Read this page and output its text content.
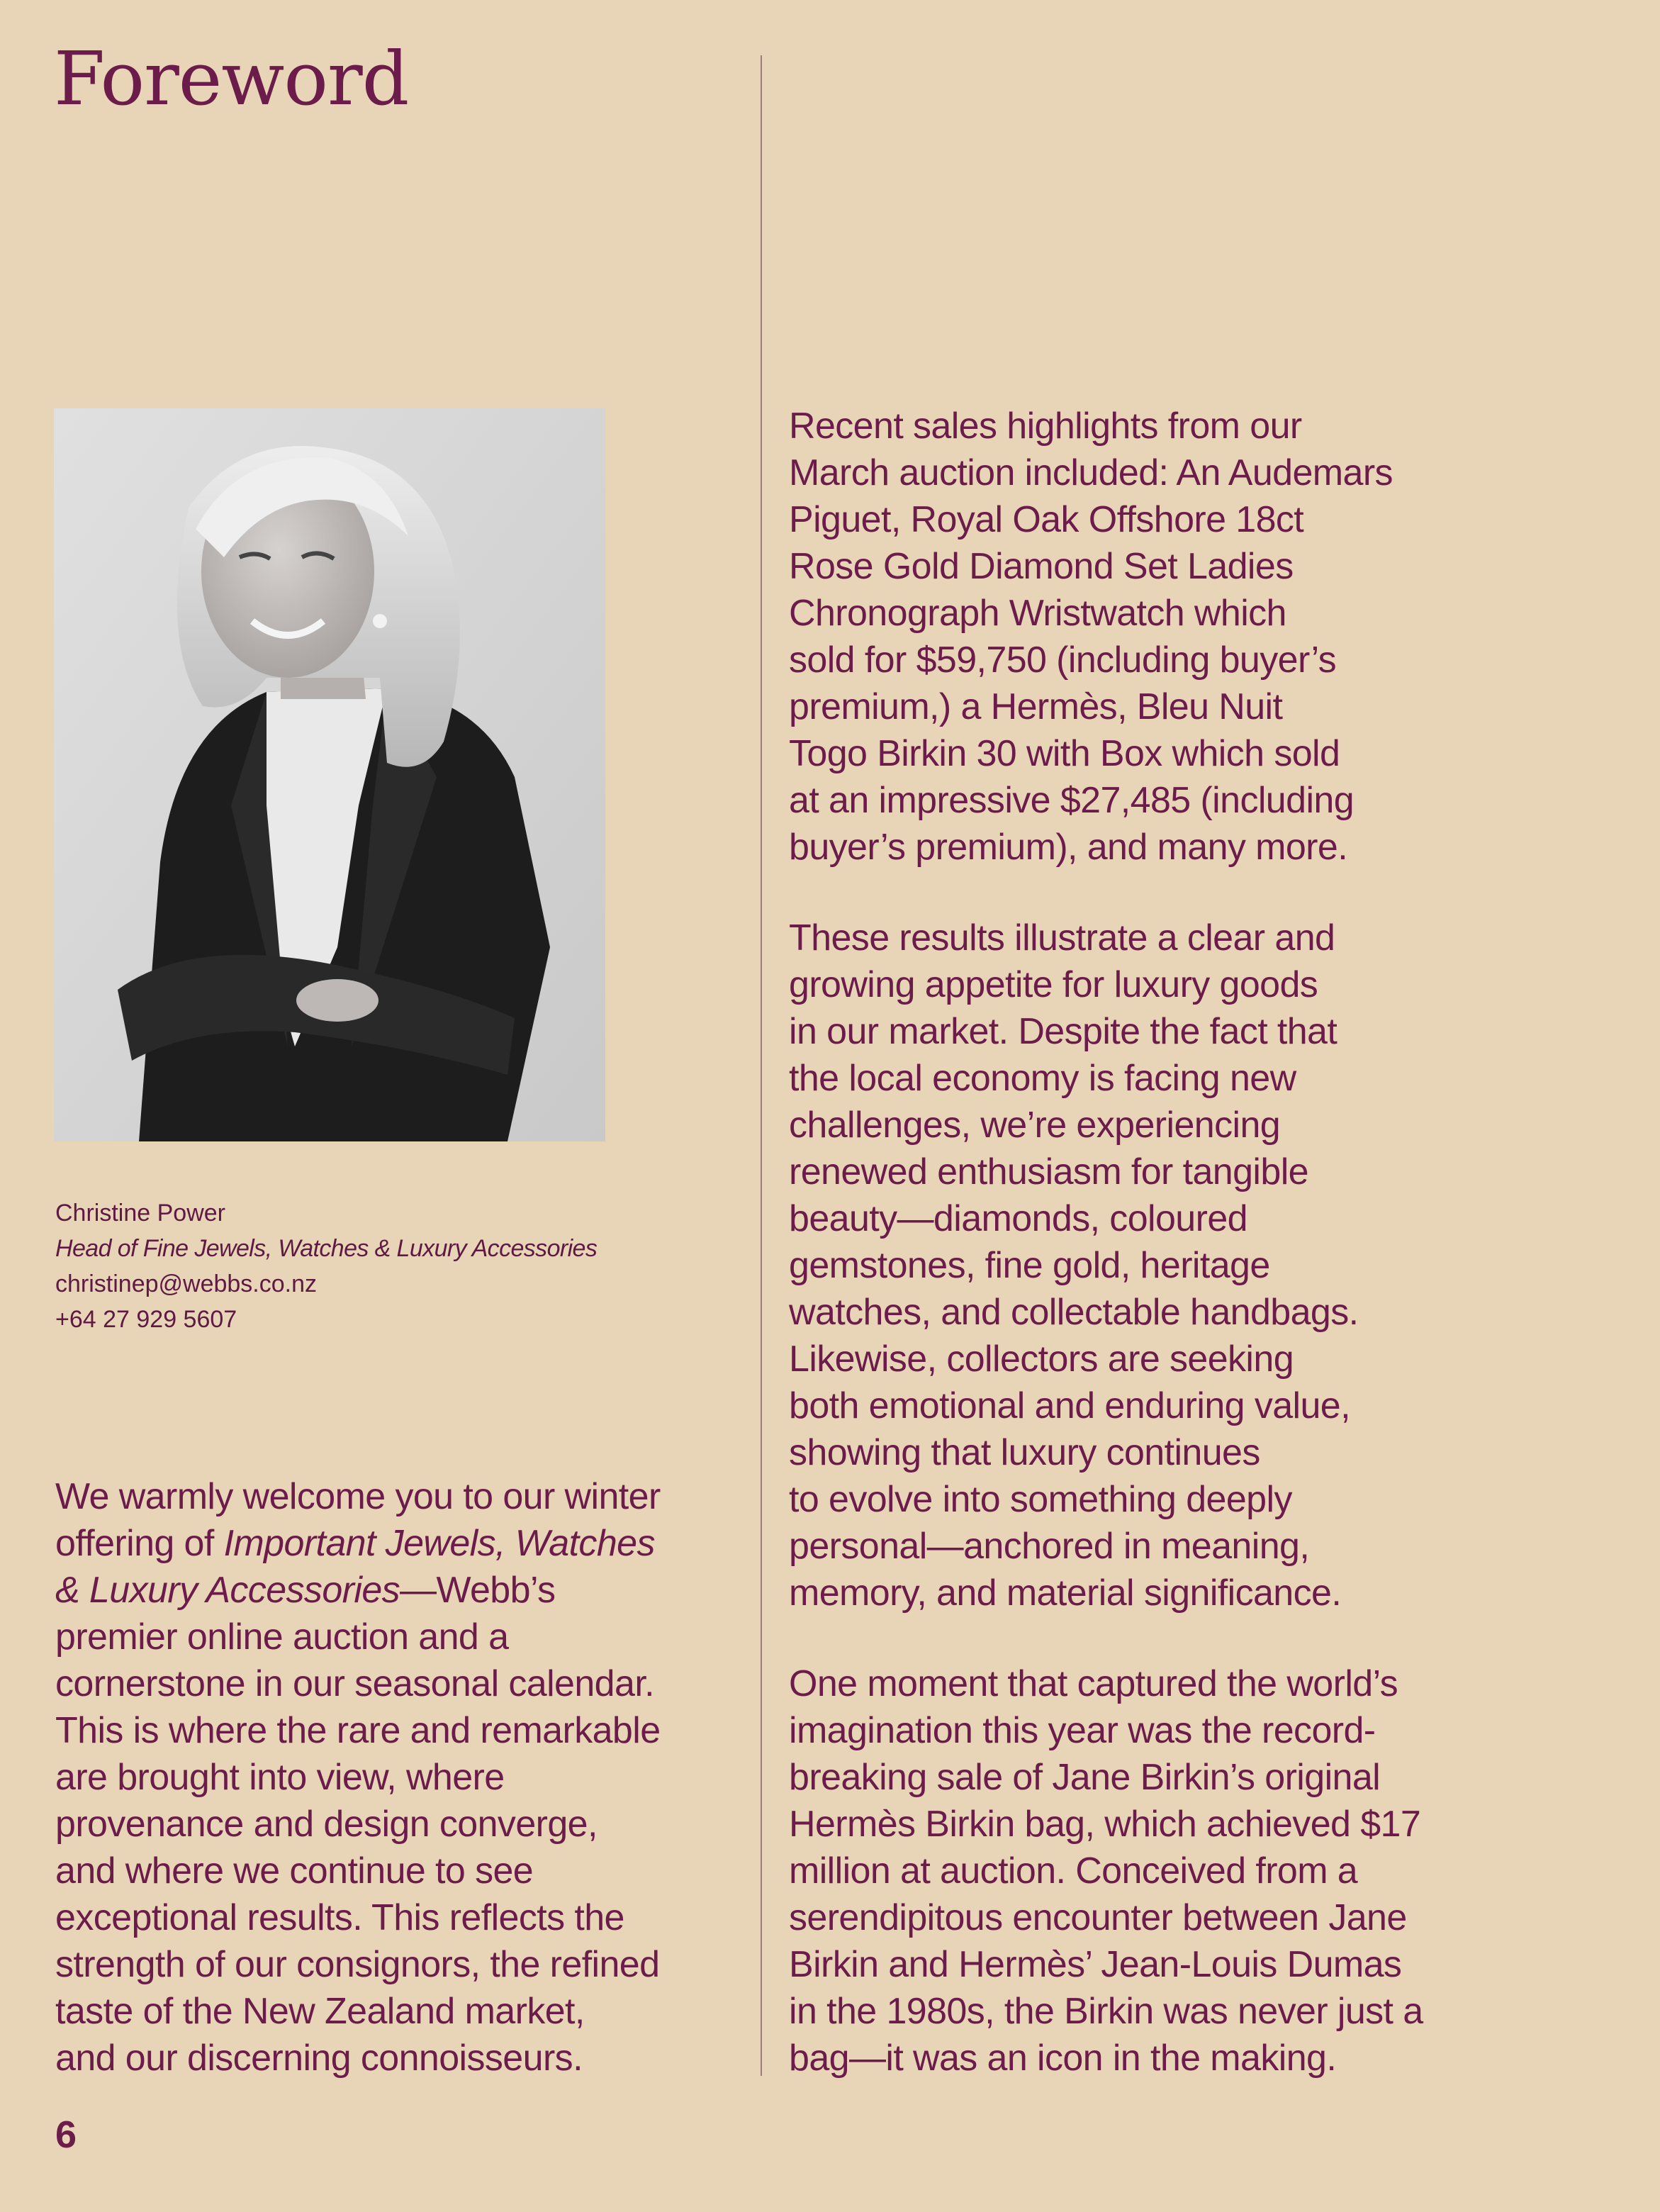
Foreword
Christine Power
Head of Fine Jewels, Watches & Luxury Accessories
christinep@webbs.co.nz
+64 27 929 5607
We warmly welcome you to our winter
offering of Important Jewels, Watches
& Luxury Accessories—Webb’s
premier online auction and a
cornerstone in our seasonal calendar.
This is where the rare and remarkable
are brought into view, where
provenance and design converge,
and where we continue to see
exceptional results. This reflects the
strength of our consignors, the refined
taste of the New Zealand market,
and our discerning connoisseurs.
Recent sales highlights from our
March auction included: An Audemars
Piguet, Royal Oak Offshore 18ct
Rose Gold Diamond Set Ladies
Chronograph Wristwatch which
sold for $59,750 (including buyer’s
premium,) a Hermès, Bleu Nuit
Togo Birkin 30 with Box which sold
at an impressive $27,485 (including
buyer’s premium), and many more.
These results illustrate a clear and
growing appetite for luxury goods
in our market. Despite the fact that
the local economy is facing new
challenges, we’re experiencing
renewed enthusiasm for tangible
beauty—diamonds, coloured
gemstones, fine gold, heritage
watches, and collectable handbags.
Likewise, collectors are seeking
both emotional and enduring value,
showing that luxury continues
to evolve into something deeply
personal—anchored in meaning,
memory, and material significance.
One moment that captured the world’s
imagination this year was the record-
breaking sale of Jane Birkin’s original
Hermès Birkin bag, which achieved $17
million at auction. Conceived from a
serendipitous encounter between Jane
Birkin and Hermès’ Jean-Louis Dumas
in the 1980s, the Birkin was never just a
bag—it was an icon in the making.
6
